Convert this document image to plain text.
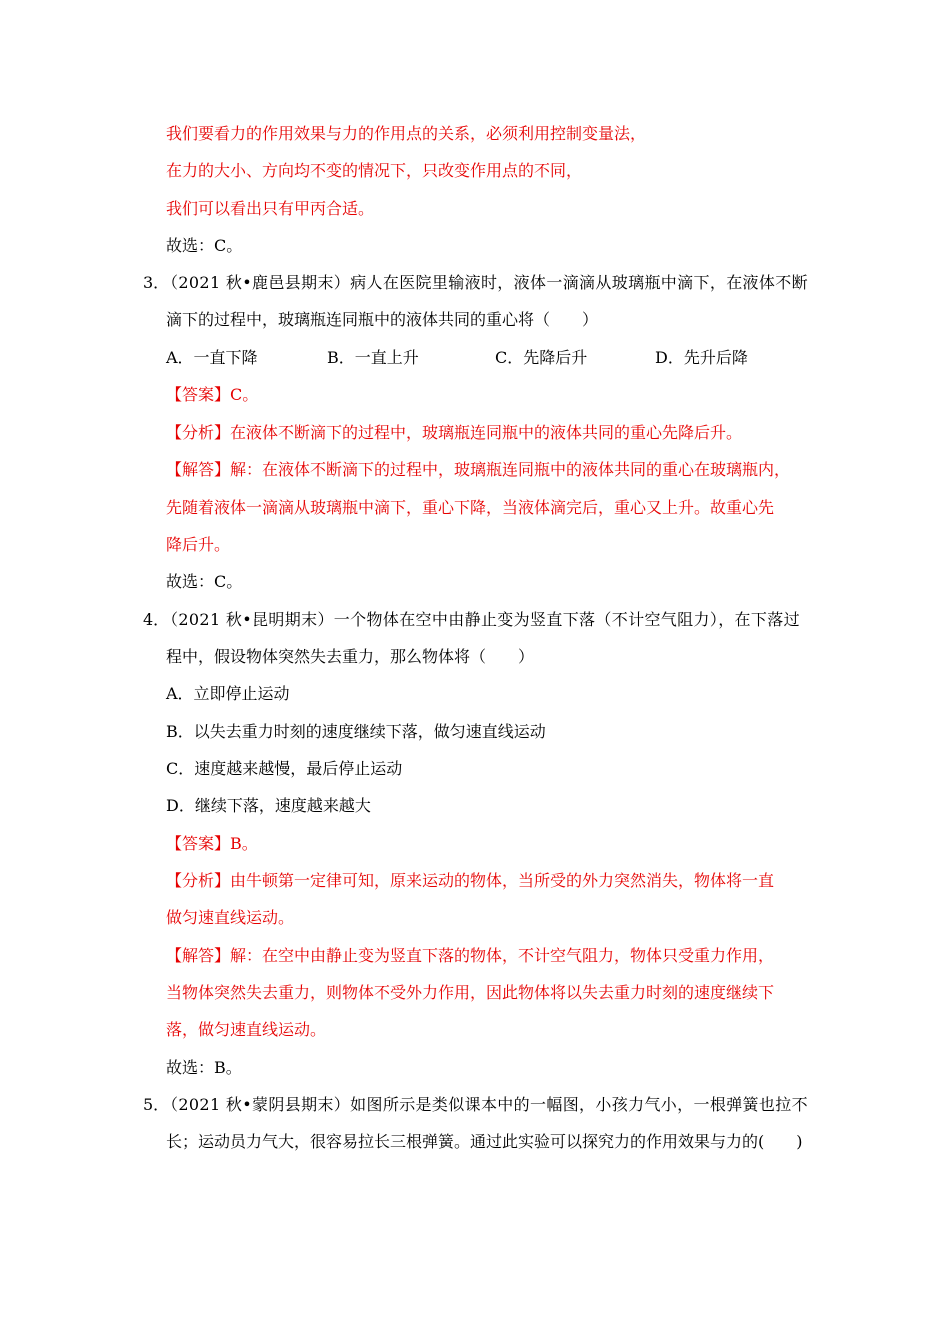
我们要看力的作用效果与力的作用点的关系，必须利用控制变量法，
在力的大小、方向均不变的情况下，只改变作用点的不同，
我们可以看出只有甲丙合适。
故选：C。
3．
（2021 秋•鹿邑县期末）病人在医院里输液时，液体一滴滴从玻璃瓶中滴下，在液体不断
滴下的过程中，玻璃瓶连同瓶中的液体共同的重心将（　　）
A．一直下降	B．一直上升	C．先降后升	D．先升后降
【答案】C。
【分析】在液体不断滴下的过程中，玻璃瓶连同瓶中的液体共同的重心先降后升。
【解答】解：在液体不断滴下的过程中，玻璃瓶连同瓶中的液体共同的重心在玻璃瓶内，
先随着液体一滴滴从玻璃瓶中滴下，重心下降，当液体滴完后，重心又上升。故重心先
降后升。
故选：C。
4．
（2021 秋•昆明期末）一个物体在空中由静止变为竖直下落（不计空气阻力），在下落过
程中，假设物体突然失去重力，那么物体将（　　）
A．立即停止运动
B．以失去重力时刻的速度继续下落，做匀速直线运动
C．速度越来越慢，最后停止运动
D．继续下落，速度越来越大
【答案】B。
【分析】由牛顿第一定律可知，原来运动的物体，当所受的外力突然消失，物体将一直
做匀速直线运动。
【解答】解：在空中由静止变为竖直下落的物体，不计空气阻力，物体只受重力作用，
当物体突然失去重力，则物体不受外力作用，因此物体将以失去重力时刻的速度继续下
落，做匀速直线运动。
故选：B。
5．
（2021 秋•蒙阴县期末）如图所示是类似课本中的一幅图，小孩力气小，一根弹簧也拉不
长；运动员力气大，很容易拉长三根弹簧。通过此实验可以探究力的作用效果与力的(　　)
